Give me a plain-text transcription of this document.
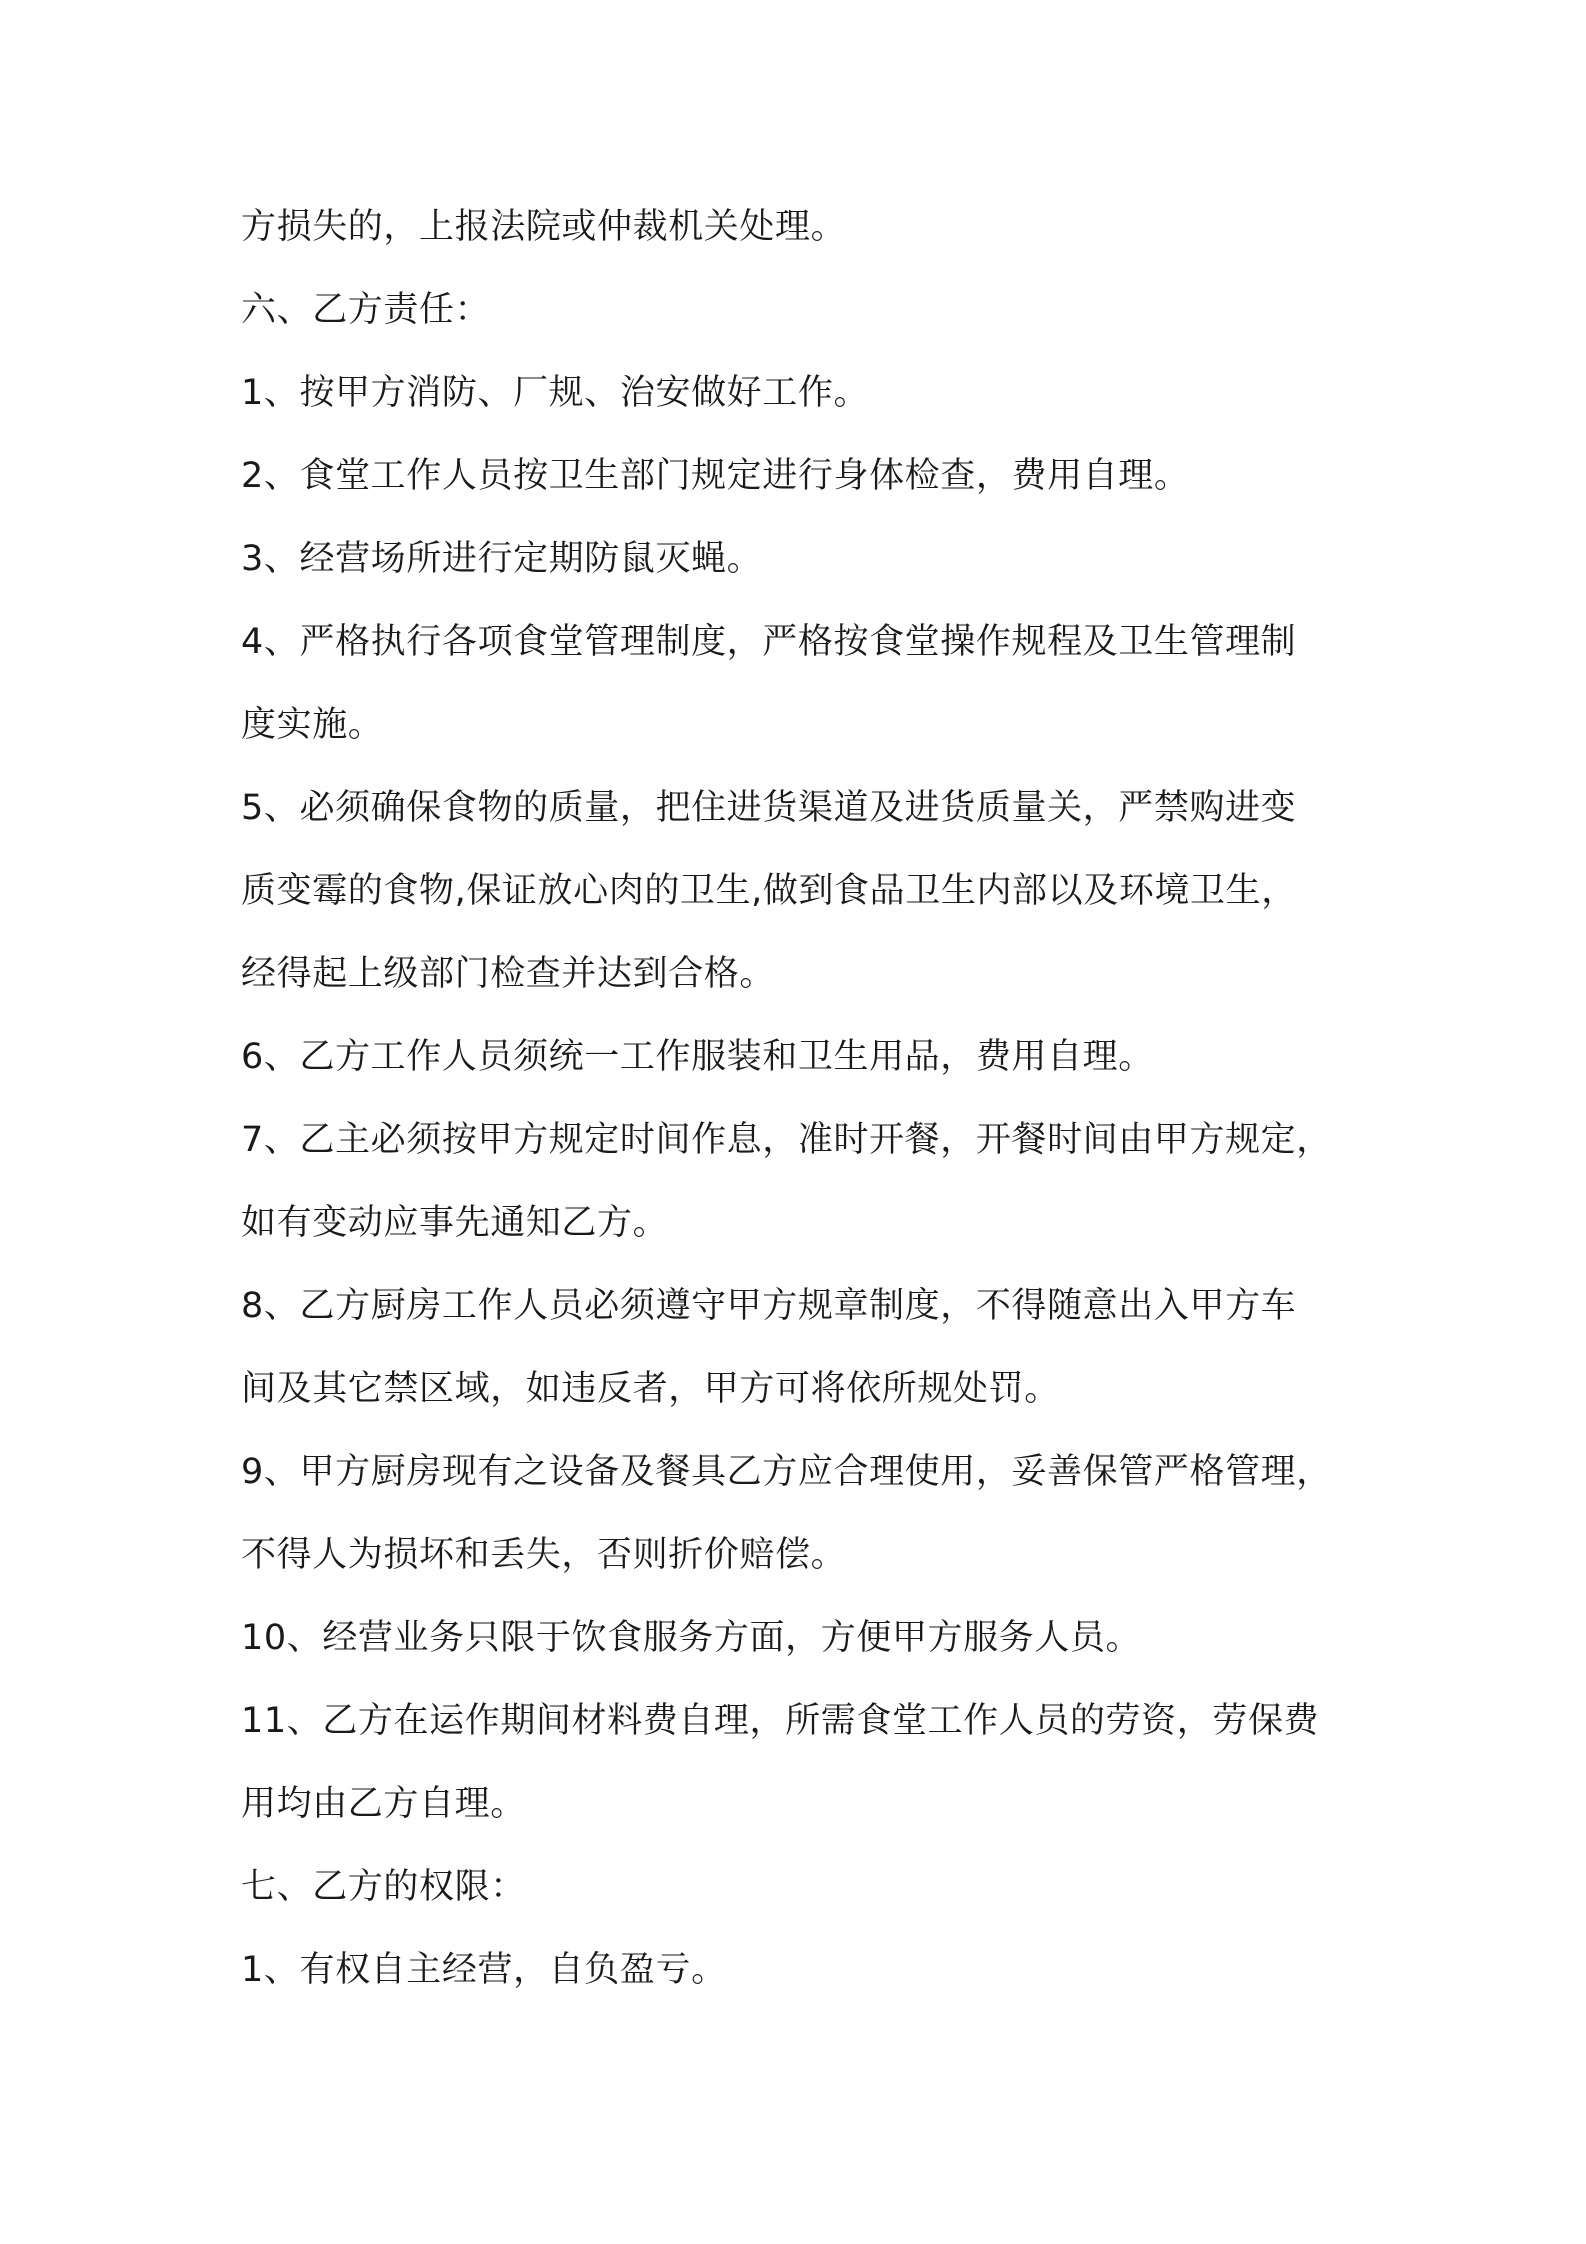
方损失的，上报法院或仲裁机关处理。
六、乙方责任：
1、按甲方消防、厂规、治安做好工作。
2、食堂工作人员按卫生部门规定进行身体检查，费用自理。
3、经营场所进行定期防鼠灭蝇。
4、严格执行各项食堂管理制度，严格按食堂操作规程及卫生管理制
度实施。
5、必须确保食物的质量，把住进货渠道及进货质量关，严禁购进变
质变霉的食物,保证放心肉的卫生,做到食品卫生内部以及环境卫生，
经得起上级部门检查并达到合格。
6、乙方工作人员须统一工作服装和卫生用品，费用自理。
7、乙主必须按甲方规定时间作息，准时开餐，开餐时间由甲方规定，
如有变动应事先通知乙方。
8、乙方厨房工作人员必须遵守甲方规章制度，不得随意出入甲方车
间及其它禁区域，如违反者，甲方可将依所规处罚。
9、甲方厨房现有之设备及餐具乙方应合理使用，妥善保管严格管理，
不得人为损坏和丢失，否则折价赔偿。
10、经营业务只限于饮食服务方面，方便甲方服务人员。
11、乙方在运作期间材料费自理，所需食堂工作人员的劳资，劳保费
用均由乙方自理。
七、乙方的权限：
1、有权自主经营，自负盈亏。
